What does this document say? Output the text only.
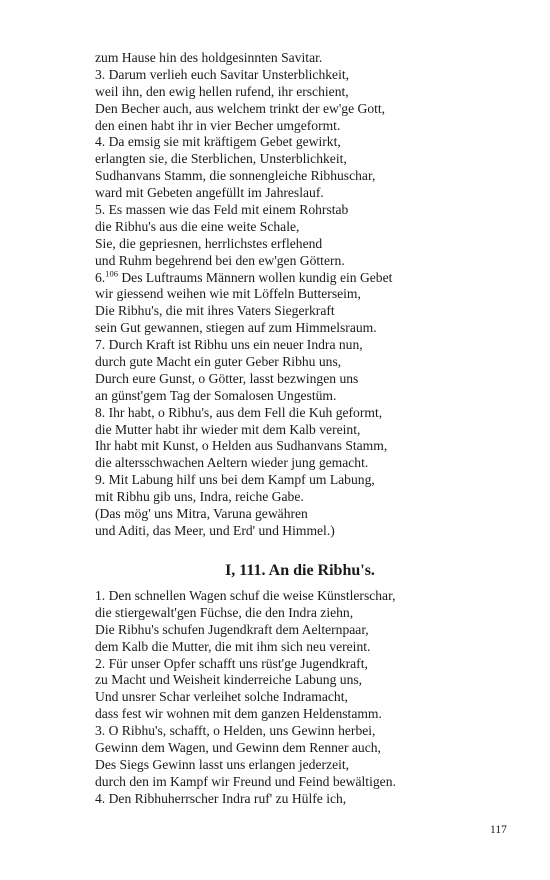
zum Hause hin des holdgesinnten Savitar.
3. Darum verlieh euch Savitar Unsterblichkeit,
weil ihn, den ewig hellen rufend, ihr erschient,
Den Becher auch, aus welchem trinkt der ew'ge Gott,
den einen habt ihr in vier Becher umgeformt.
4. Da emsig sie mit kräftigem Gebet gewirkt,
erlangten sie, die Sterblichen, Unsterblichkeit,
Sudhanvans Stamm, die sonnengleiche Ribhuschar,
ward mit Gebeten angefüllt im Jahreslauf.
5. Es massen wie das Feld mit einem Rohrstab
die Ribhu's aus die eine weite Schale,
Sie, die gepriesnen, herrlichstes erflehend
und Ruhm begehrend bei den ew'gen Göttern.
6.$^{106}$ Des Luftraums Männern wollen kundig ein Gebet
wir giessend weihen wie mit Löffeln Butterseim,
Die Ribhu's, die mit ihres Vaters Siegerkraft
sein Gut gewannen, stiegen auf zum Himmelsraum.
7. Durch Kraft ist Ribhu uns ein neuer Indra nun,
durch gute Macht ein guter Geber Ribhu uns,
Durch eure Gunst, o Götter, lasst bezwingen uns
an günst'gem Tag der Somalosen Ungestüm.
8. Ihr habt, o Ribhu's, aus dem Fell die Kuh geformt,
die Mutter habt ihr wieder mit dem Kalb vereint,
Ihr habt mit Kunst, o Helden aus Sudhanvans Stamm,
die altersschwachen Aeltern wieder jung gemacht.
9. Mit Labung hilf uns bei dem Kampf um Labung,
mit Ribhu gib uns, Indra, reiche Gabe.
(Das mög' uns Mitra, Varuna gewähren
und Aditi, das Meer, und Erd' und Himmel.)
I, 111. An die Ribhu's.
1. Den schnellen Wagen schuf die weise Künstlerschar,
die stiergewalt'gen Füchse, die den Indra ziehn,
Die Ribhu's schufen Jugendkraft dem Aelternpaar,
dem Kalb die Mutter, die mit ihm sich neu vereint.
2. Für unser Opfer schafft uns rüst'ge Jugendkraft,
zu Macht und Weisheit kinderreiche Labung uns,
Und unsrer Schar verleihet solche Indramacht,
dass fest wir wohnen mit dem ganzen Heldenstamm.
3. O Ribhu's, schafft, o Helden, uns Gewinn herbei,
Gewinn dem Wagen, und Gewinn dem Renner auch,
Des Siegs Gewinn lasst uns erlangen jederzeit,
durch den im Kampf wir Freund und Feind bewältigen.
4. Den Ribhuherrscher Indra ruf' zu Hülfe ich,
117
